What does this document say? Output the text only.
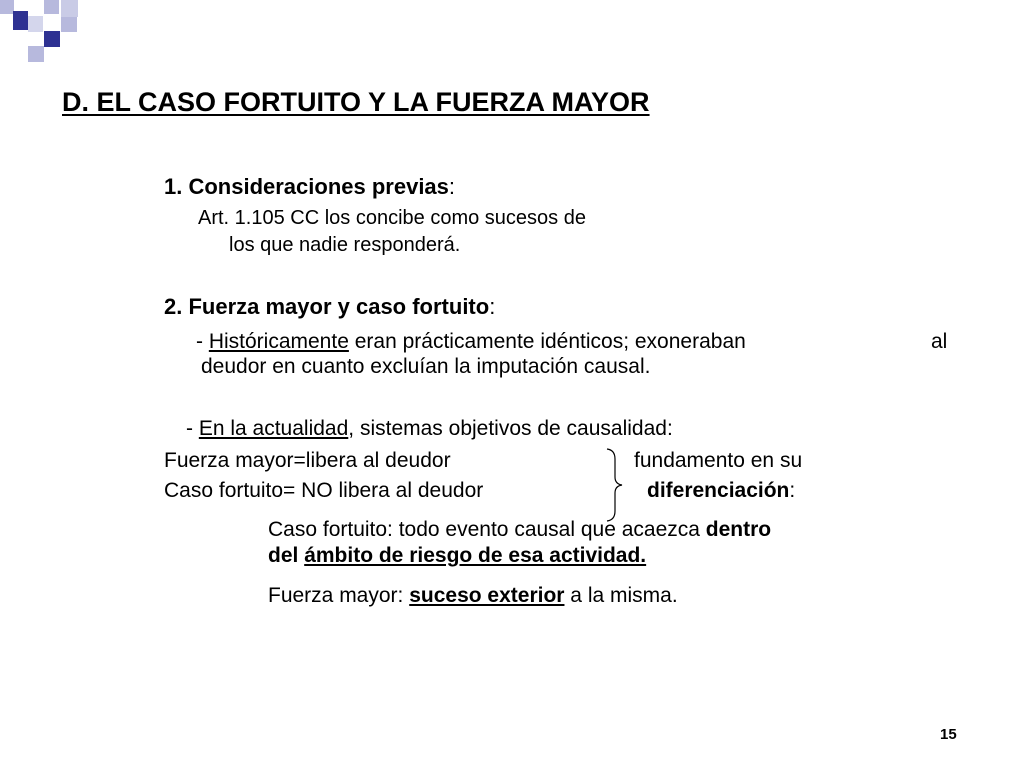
D. EL CASO FORTUITO Y LA FUERZA MAYOR
1. Consideraciones previas:
Art. 1.105 CC los concibe como sucesos de
los que nadie responderá.
2. Fuerza mayor y caso fortuito:
- Históricamente eran prácticamente idénticos; exoneraban	al
deudor en cuanto excluían la imputación causal.
- En la actualidad, sistemas objetivos de causalidad:
Fuerza mayor=libera al deudor
Caso fortuito= NO libera al deudor
fundamento en su
diferenciación:
Caso fortuito: todo evento causal que acaezca dentro
del ámbito de riesgo de esa actividad.
Fuerza mayor: suceso exterior a la misma.
15
